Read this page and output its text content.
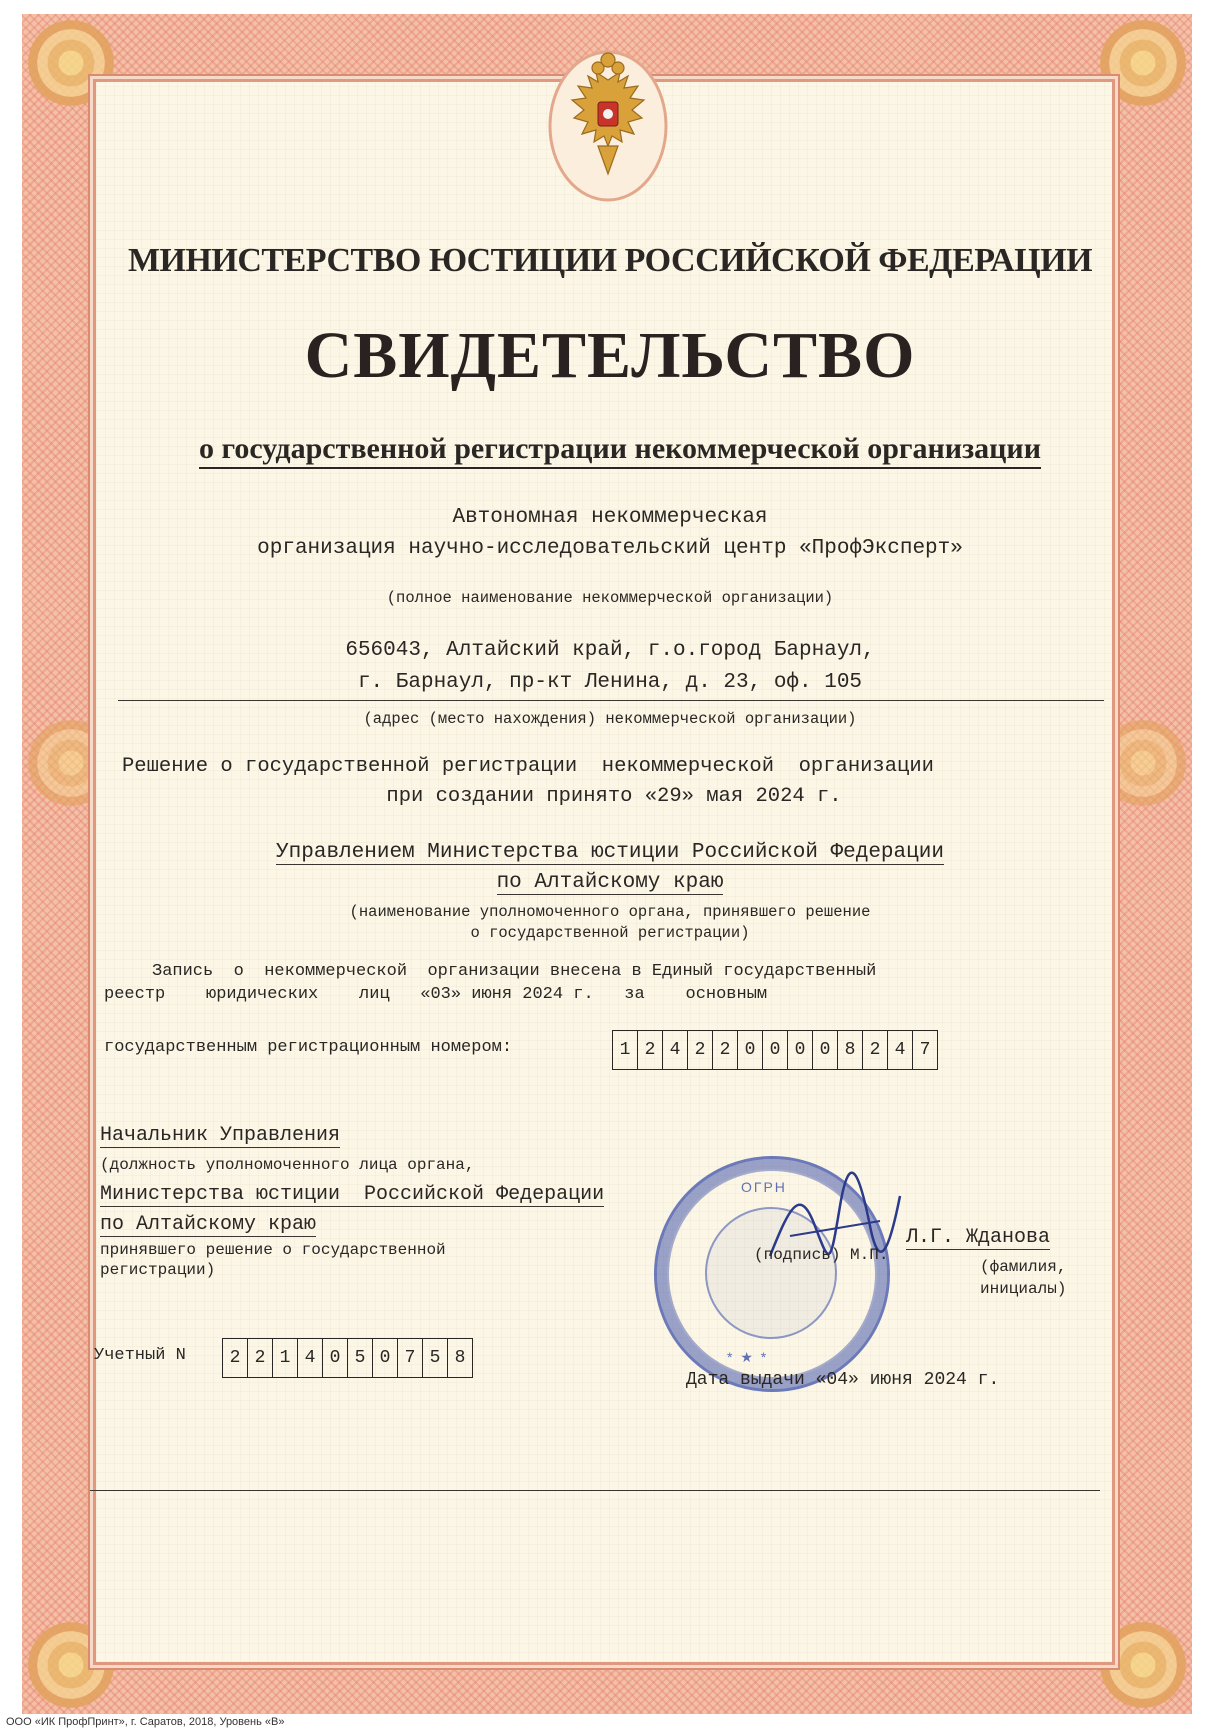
МИНИСТЕРСТВО ЮСТИЦИИ РОССИЙСКОЙ ФЕДЕРАЦИИ
СВИДЕТЕЛЬСТВО
о государственной регистрации некоммерческой организации
Автономная некоммерческая
организация научно-исследовательский центр «ПрофЭксперт»
(полное наименование некоммерческой организации)
656043, Алтайский край, г.о.город Барнаул,
г. Барнаул, пр-кт Ленина, д. 23, оф. 105
(адрес (место нахождения) некоммерческой организации)
Решение о государственной регистрации  некоммерческой  организации
при создании принято «29» мая 2024 г.
Управлением Министерства юстиции Российской Федерации
по Алтайскому краю
(наименование уполномоченного органа, принявшего решение
о государственной регистрации)
Запись  о  некоммерческой  организации внесена в Единый государственный
реестр    юридических    лиц   «03» июня 2024 г.   за    основным
государственным регистрационным номером:	1 2 4 2 2 0 0 0 0 8 2 4 7
Начальник Управления
(должность уполномоченного лица органа,
Министерства юстиции  Российской Федерации
по Алтайскому краю
принявшего решение о государственной
регистрации)
ОГРН
* ★ *
(подпись) М.П.
Л.Г. Жданова
(фамилия,
инициалы)
Учетный N	2 2 1 4 0 5 0 7 5 8
Дата выдачи «04» июня 2024 г.
ООО «ИК ПрофПринт», г. Саратов, 2018, Уровень «В»
